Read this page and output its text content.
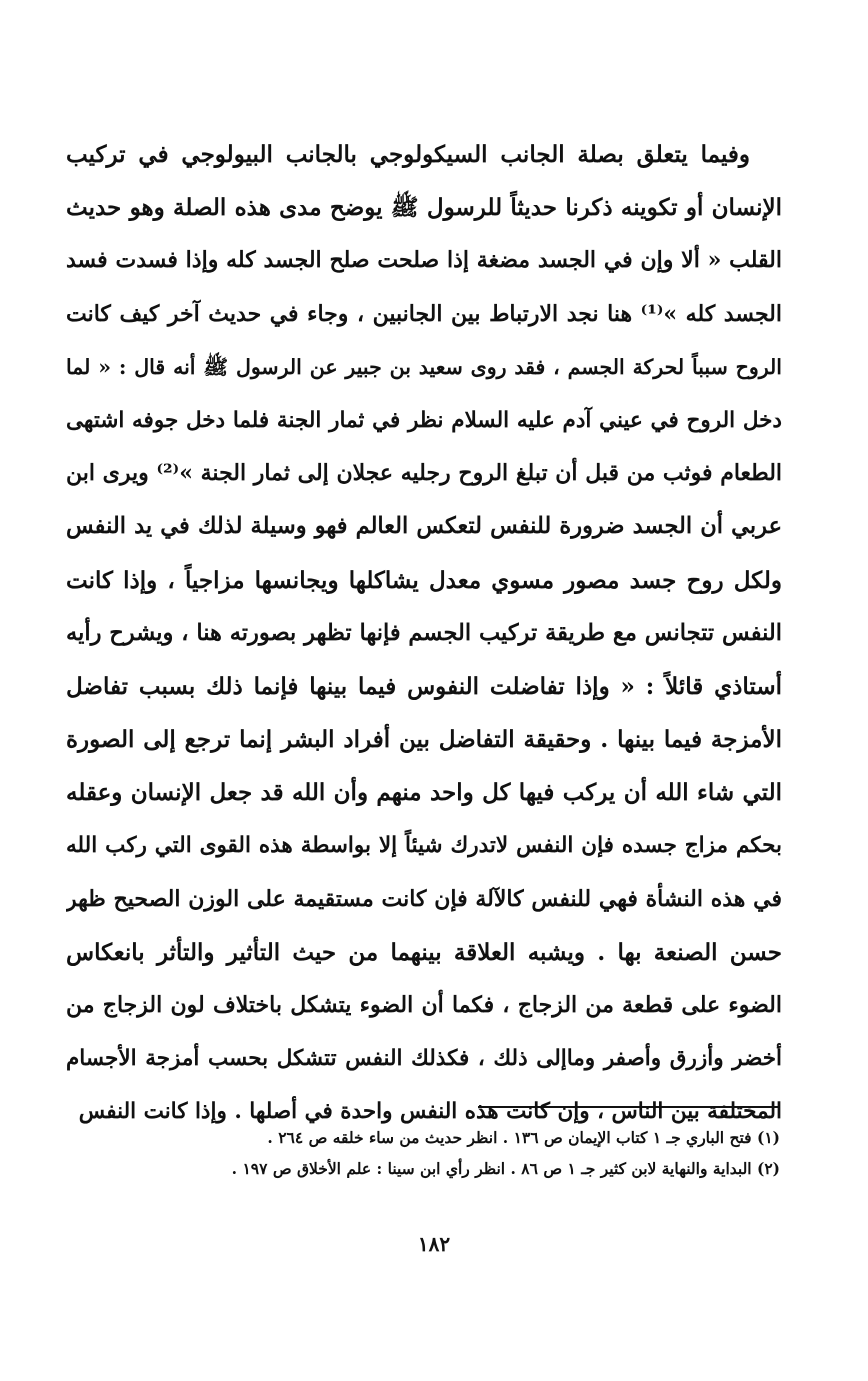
وفيما يتعلق بصلة الجانب السيكولوجي بالجانب البيولوجي في تركيب
الإنسان أو تكوينه ذكرنا حديثاً للرسول ﷺ يوضح مدى هذه الصلة وهو حديث
القلب « ألا وإن في الجسد مضغة إذا صلحت صلح الجسد كله وإذا فسدت فسد
الجسد كله »⁽¹⁾ هنا نجد الارتباط بين الجانبين ، وجاء في حديث آخر كيف كانت
الروح سبباً لحركة الجسم ، فقد روى سعيد بن جبير عن الرسول ﷺ أنه قال : « لما
دخل الروح في عيني آدم عليه السلام نظر في ثمار الجنة فلما دخل جوفه اشتهى
الطعام فوثب من قبل أن تبلغ الروح رجليه عجلان إلى ثمار الجنة »⁽²⁾ ويرى ابن
عربي أن الجسد ضرورة للنفس لتعكس العالم فهو وسيلة لذلك في يد النفس
ولكل روح جسد مصور مسوي معدل يشاكلها ويجانسها مزاجياً ، وإذا كانت
النفس تتجانس مع طريقة تركيب الجسم فإنها تظهر بصورته هنا ، ويشرح رأيه
أستاذي قائلاً : « وإذا تفاضلت النفوس فيما بينها فإنما ذلك بسبب تفاضل
الأمزجة فيما بينها . وحقيقة التفاضل بين أفراد البشر إنما ترجع إلى الصورة
التي شاء الله أن يركب فيها كل واحد منهم وأن الله قد جعل الإنسان وعقله
بحكم مزاج جسده فإن النفس لاتدرك شيئاً إلا بواسطة هذه القوى التي ركب الله
في هذه النشأة فهي للنفس كالآلة فإن كانت مستقيمة على الوزن الصحيح ظهر
حسن الصنعة بها . ويشبه العلاقة بينهما من حيث التأثير والتأثر بانعكاس
الضوء على قطعة من الزجاج ، فكما أن الضوء يتشكل باختلاف لون الزجاج من
أخضر وأزرق وأصفر وماإلى ذلك ، فكذلك النفس تتشكل بحسب أمزجة الأجسام
المختلفة بين الناس ، وإن كانت هذه النفس واحدة في أصلها . وإذا كانت النفس
(١) فتح الباري جـ ١ كتاب الإيمان ص ١٣٦ . انظر حديث من ساء خلقه ص ٢٦٤ .
(٢) البداية والنهاية لابن كثير جـ ١ ص ٨٦ . انظر رأي ابن سينا : علم الأخلاق ص ١٩٧ .
١٨٢
